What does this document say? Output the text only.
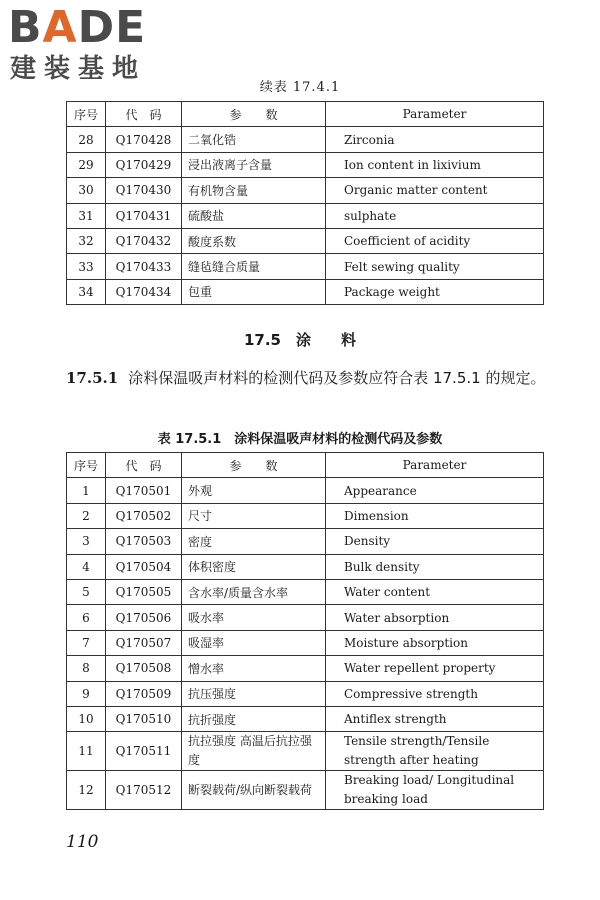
BADE
建装基地
续表 17.4.1
序号	代　码	参　　数	Parameter
28	Q170428	二氧化锆	Zirconia
29	Q170429	浸出液离子含量	Ion content in lixivium
30	Q170430	有机物含量	Organic matter content
31	Q170431	硫酸盐	sulphate
32	Q170432	酸度系数	Coefficient of acidity
33	Q170433	缝毡缝合质量	Felt sewing quality
34	Q170434	包重	Package weight
17.5　涂　　料
17.5.1 涂料保温吸声材料的检测代码及参数应符合表 17.5.1 的规定。
表 17.5.1　涂料保温吸声材料的检测代码及参数
序号	代　码	参　　数	Parameter
1	Q170501	外观	Appearance
2	Q170502	尺寸	Dimension
3	Q170503	密度	Density
4	Q170504	体积密度	Bulk density
5	Q170505	含水率/质量含水率	Water content
6	Q170506	吸水率	Water absorption
7	Q170507	吸湿率	Moisture absorption
8	Q170508	憎水率	Water repellent property
9	Q170509	抗压强度	Compressive strength
10	Q170510	抗折强度	Antiflex strength
11	Q170511	抗拉强度 高温后抗拉强度	Tensile strength/Tensile strength after heating
12	Q170512	断裂载荷/纵向断裂载荷	Breaking load/ Longitudinal breaking load
110
